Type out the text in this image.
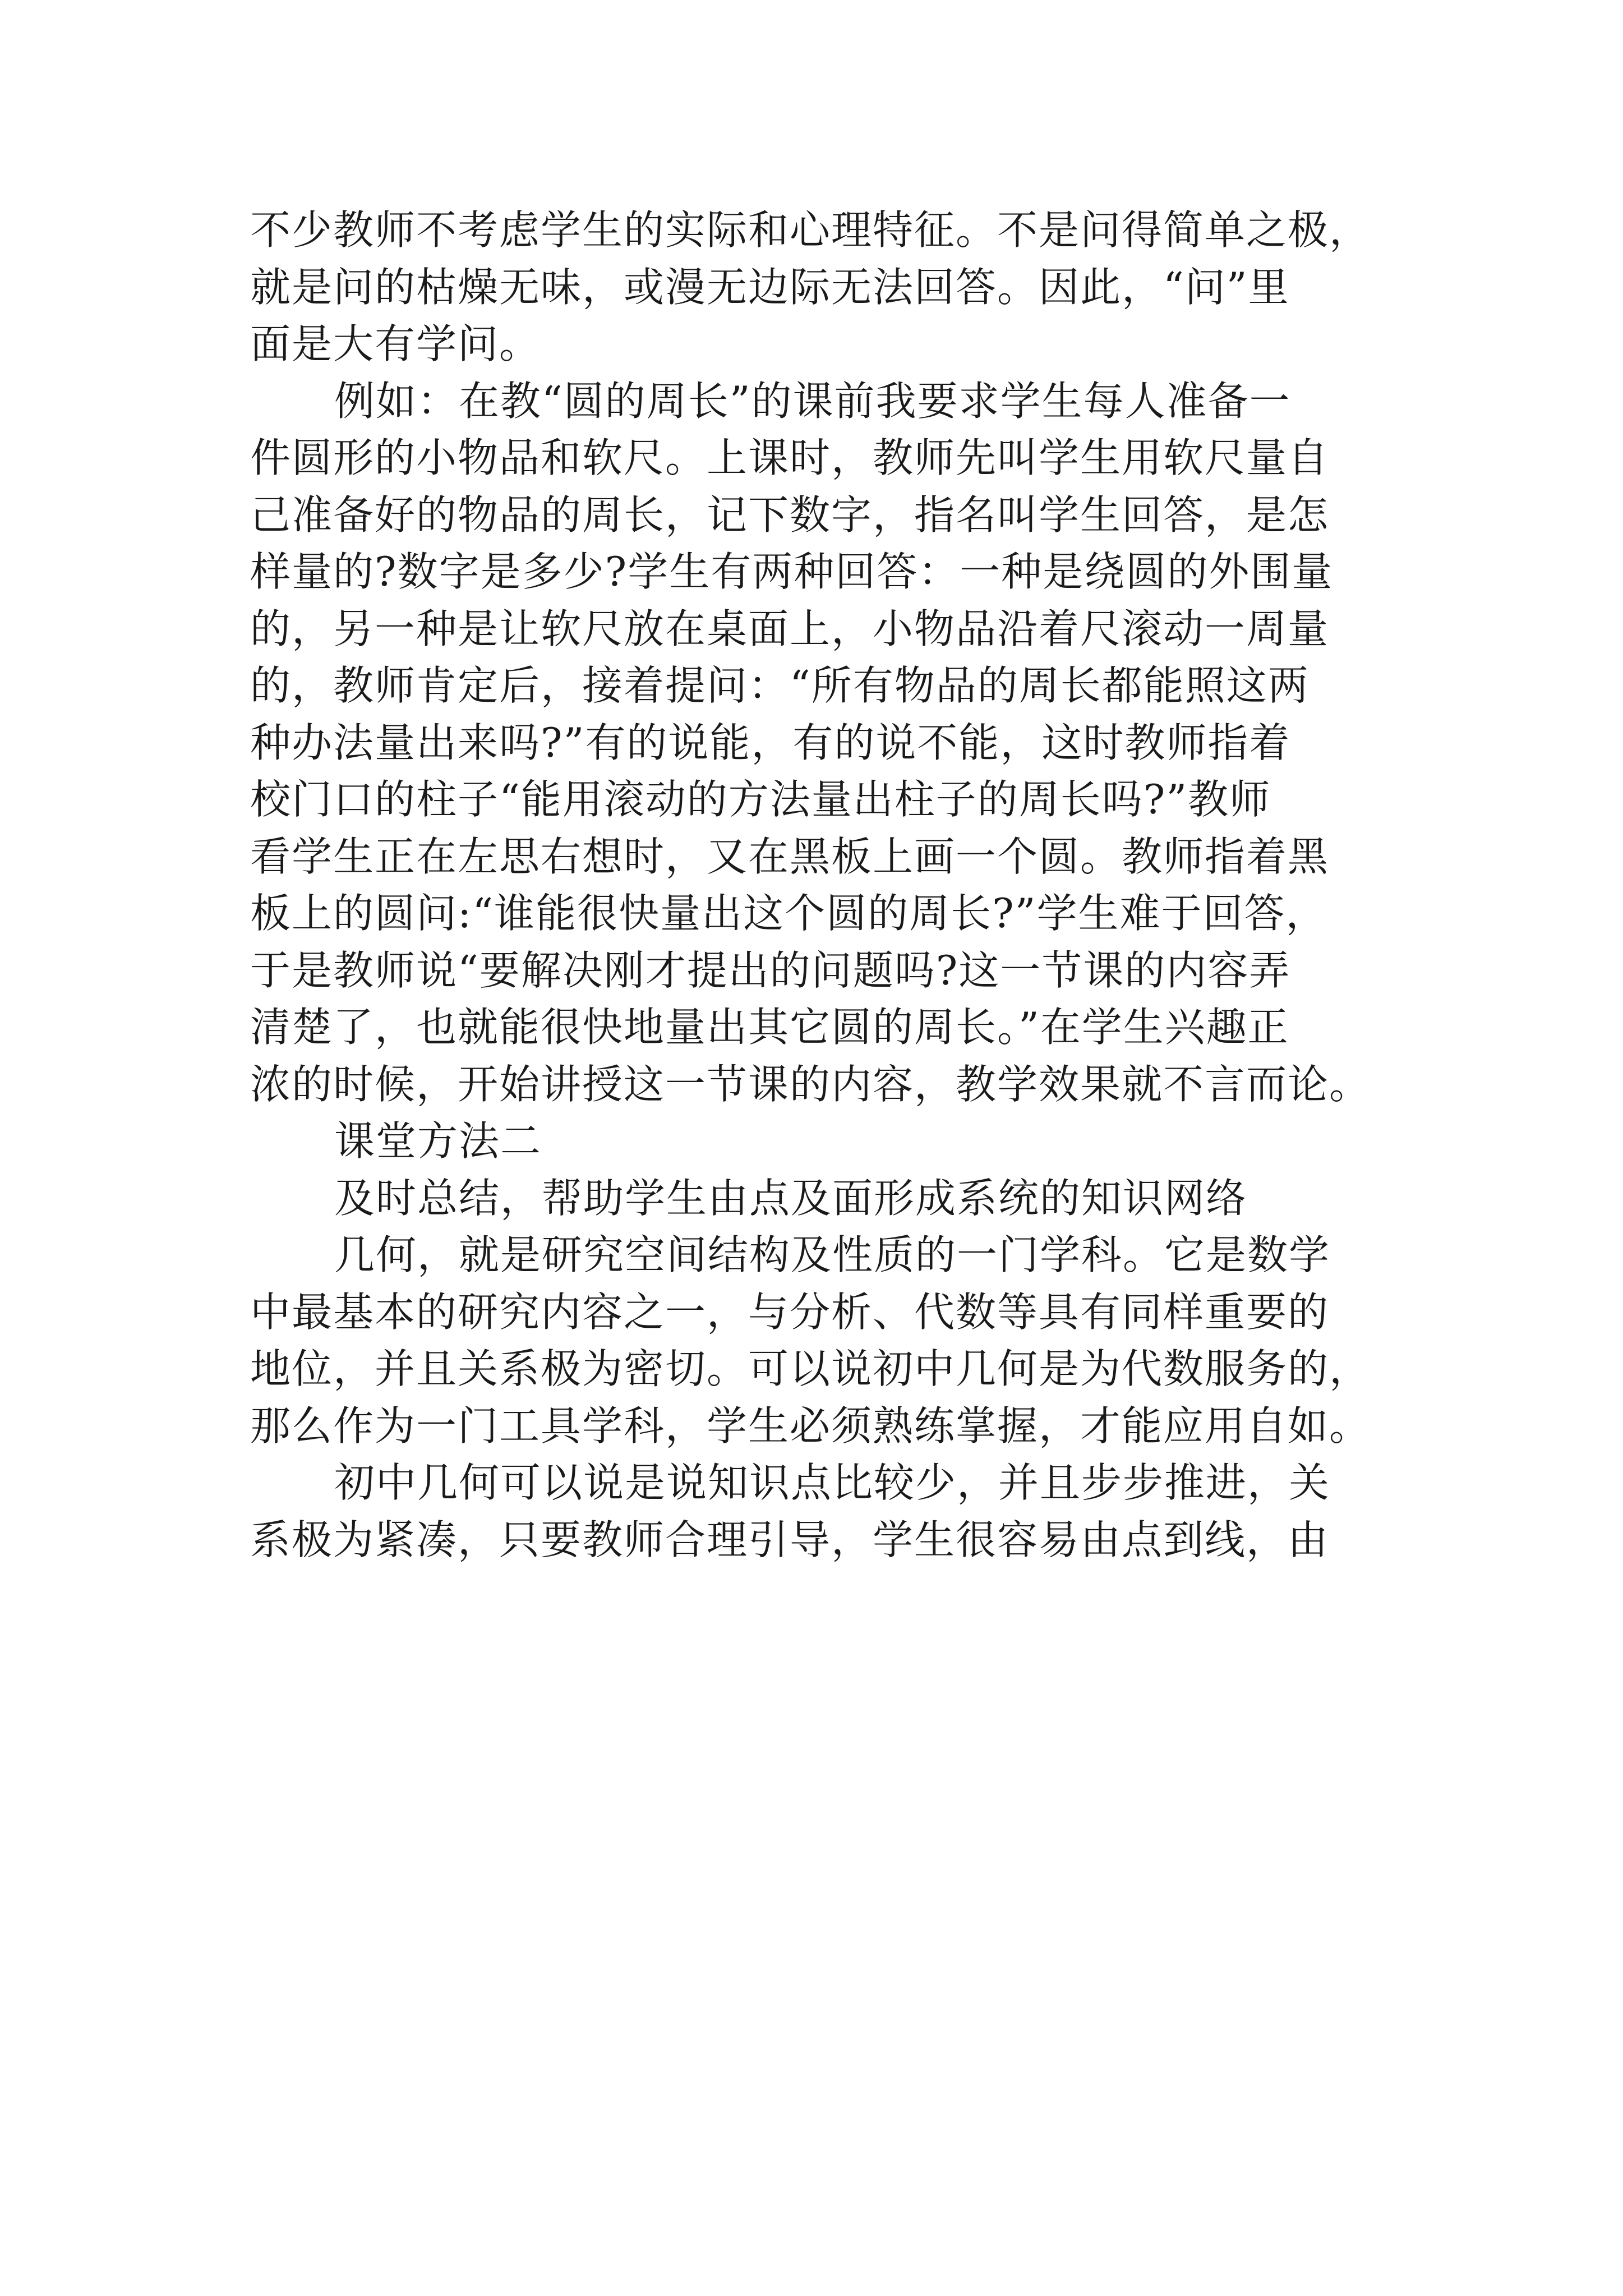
不少教师不考虑学生的实际和心理特征。不是问得简单之极，
就是问的枯燥无味，或漫无边际无法回答。因此，“问”里
面是大有学问。
例如：在教“圆的周长”的课前我要求学生每人准备一
件圆形的小物品和软尺。上课时，教师先叫学生用软尺量自
己准备好的物品的周长，记下数字，指名叫学生回答，是怎
样量的?数字是多少?学生有两种回答：一种是绕圆的外围量
的，另一种是让软尺放在桌面上，小物品沿着尺滚动一周量
的，教师肯定后，接着提问：“所有物品的周长都能照这两
种办法量出来吗?”有的说能，有的说不能，这时教师指着
校门口的柱子“能用滚动的方法量出柱子的周长吗?”教师
看学生正在左思右想时，又在黑板上画一个圆。教师指着黑
板上的圆问:“谁能很快量出这个圆的周长?”学生难于回答，
于是教师说“要解决刚才提出的问题吗?这一节课的内容弄
清楚了，也就能很快地量出其它圆的周长。”在学生兴趣正
浓的时候，开始讲授这一节课的内容，教学效果就不言而论。
课堂方法二
及时总结，帮助学生由点及面形成系统的知识网络
几何，就是研究空间结构及性质的一门学科。它是数学
中最基本的研究内容之一，与分析、代数等具有同样重要的
地位，并且关系极为密切。可以说初中几何是为代数服务的，
那么作为一门工具学科，学生必须熟练掌握，才能应用自如。
初中几何可以说是说知识点比较少，并且步步推进，关
系极为紧凑，只要教师合理引导，学生很容易由点到线，由
